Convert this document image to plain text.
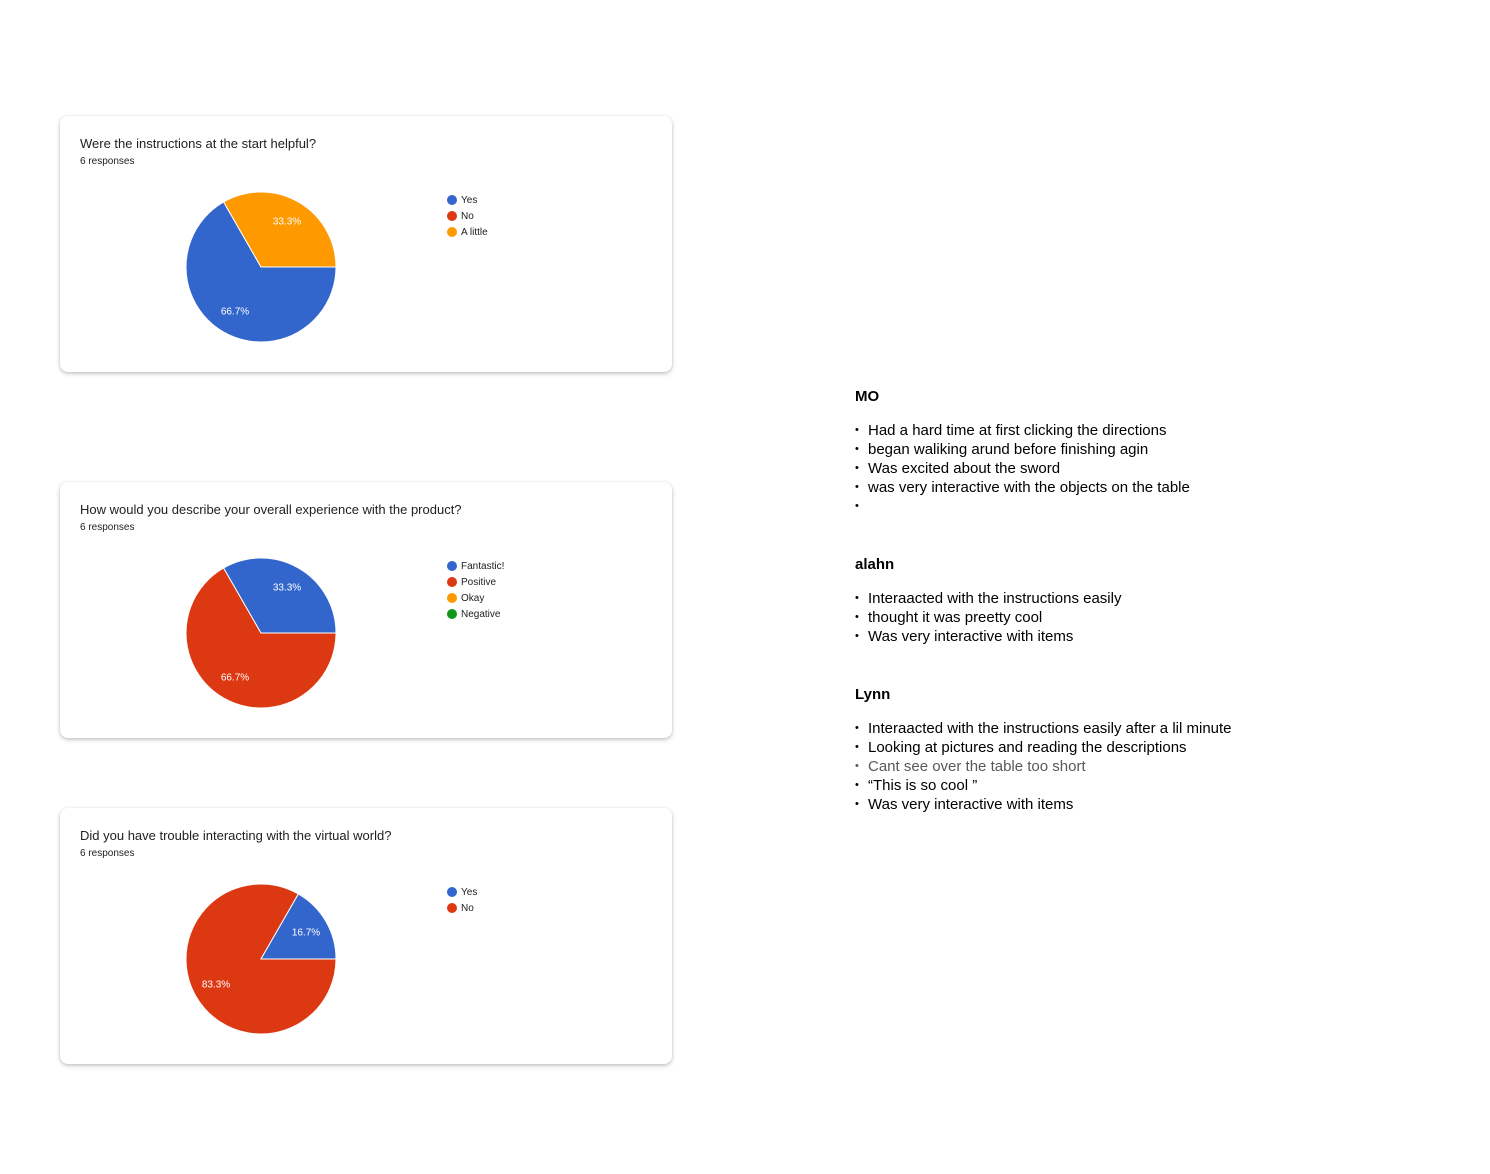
Were the instructions at the start helpful?
6 responses
66.7%
33.3%
Yes
No
A little
How would you describe your overall experience with the product?
6 responses
66.7%
33.3%
Fantastic!
Positive
Okay
Negative
Did you have trouble interacting with the virtual world?
6 responses
83.3%
16.7%
Yes
No
MO
• Had a hard time at first clicking the directions
• began waliking arund before finishing agin
• Was excited about the sword
• was very interactive with the objects on the table
•
alahn
• Interaacted with the instructions easily
• thought it was preetty cool
• Was very interactive with items
Lynn
• Interaacted with the instructions easily after a lil minute
• Looking at pictures and reading the descriptions
• Cant see over the table too short
• “This is so cool ”
• Was very interactive with items
